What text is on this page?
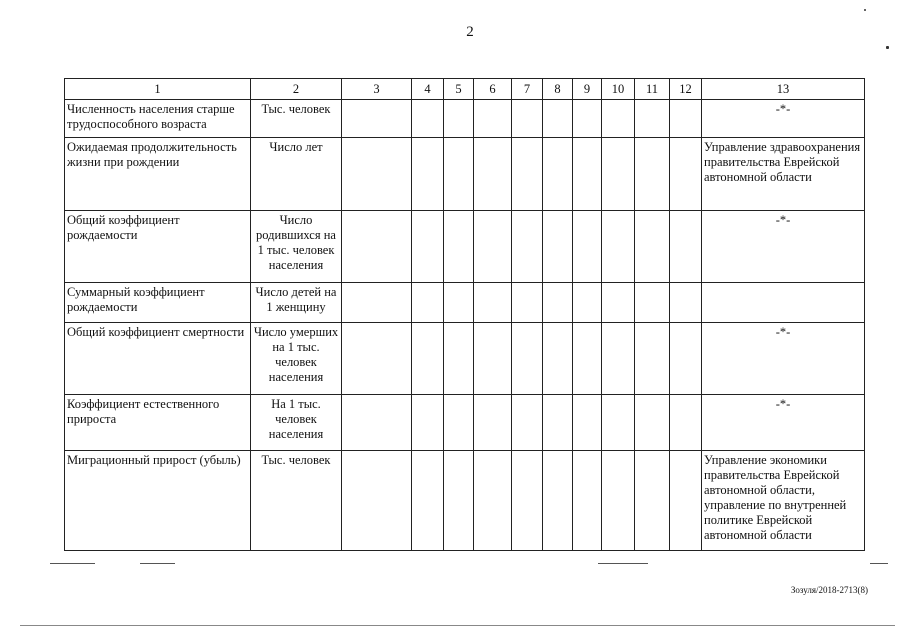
2
1	2	3	4	5	6	7	8	9	10	11	12	13
Численность населения старше трудоспособного возраста	Тыс. человек											-*-
Ожидаемая продолжительность жизни при рождении	Число лет											Управление здравоохранения правительства Еврейской автономной области
Общий коэффициент рождаемости	Число родившихся на 1 тыс. человек населения											-*-
Суммарный коэффициент рождаемости	Число детей на 1 женщину											
Общий коэффициент смертности	Число умерших на 1 тыс. человек населения											-*-
Коэффициент естественного прироста	На 1 тыс. человек населения											-*-
Миграционный прирост (убыль)	Тыс. человек											Управление экономики правительства Еврейской автономной области, управление по внутренней политике Еврейской автономной области
Зозуля/2018-2713(8)
